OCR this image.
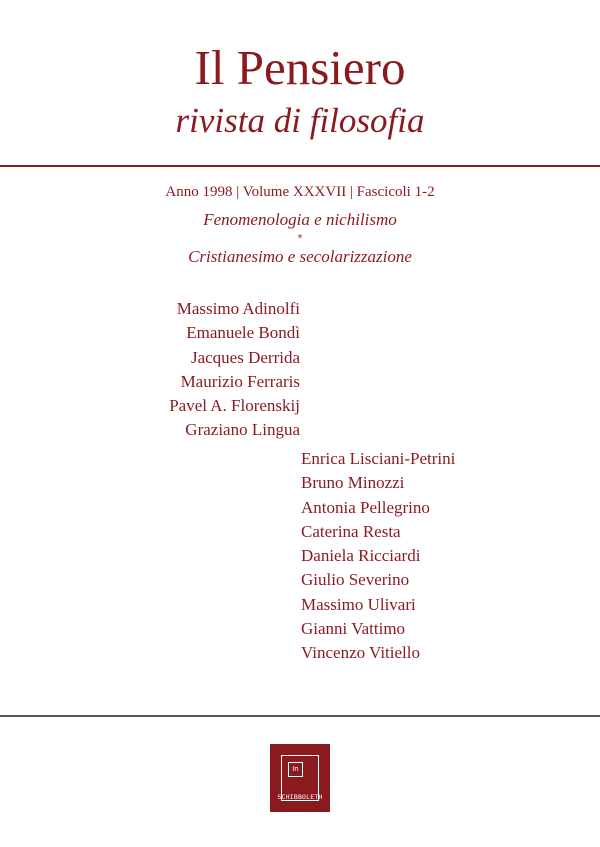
Il Pensiero
rivista di filosofia
Anno 1998 | Volume XXXVII | Fascicoli 1-2
Fenomenologia e nichilismo
*
Cristianesimo e secolarizzazione
Massimo Adinolfi
Emanuele Bondì
Jacques Derrida
Maurizio Ferraris
Pavel A. Florenskij
Graziano Lingua
Enrica Lisciani-Petrini
Bruno Minozzi
Antonia Pellegrino
Caterina Resta
Daniela Ricciardi
Giulio Severino
Massimo Ulivari
Gianni Vattimo
Vincenzo Vitiello
In
SCHIBBOLETH
